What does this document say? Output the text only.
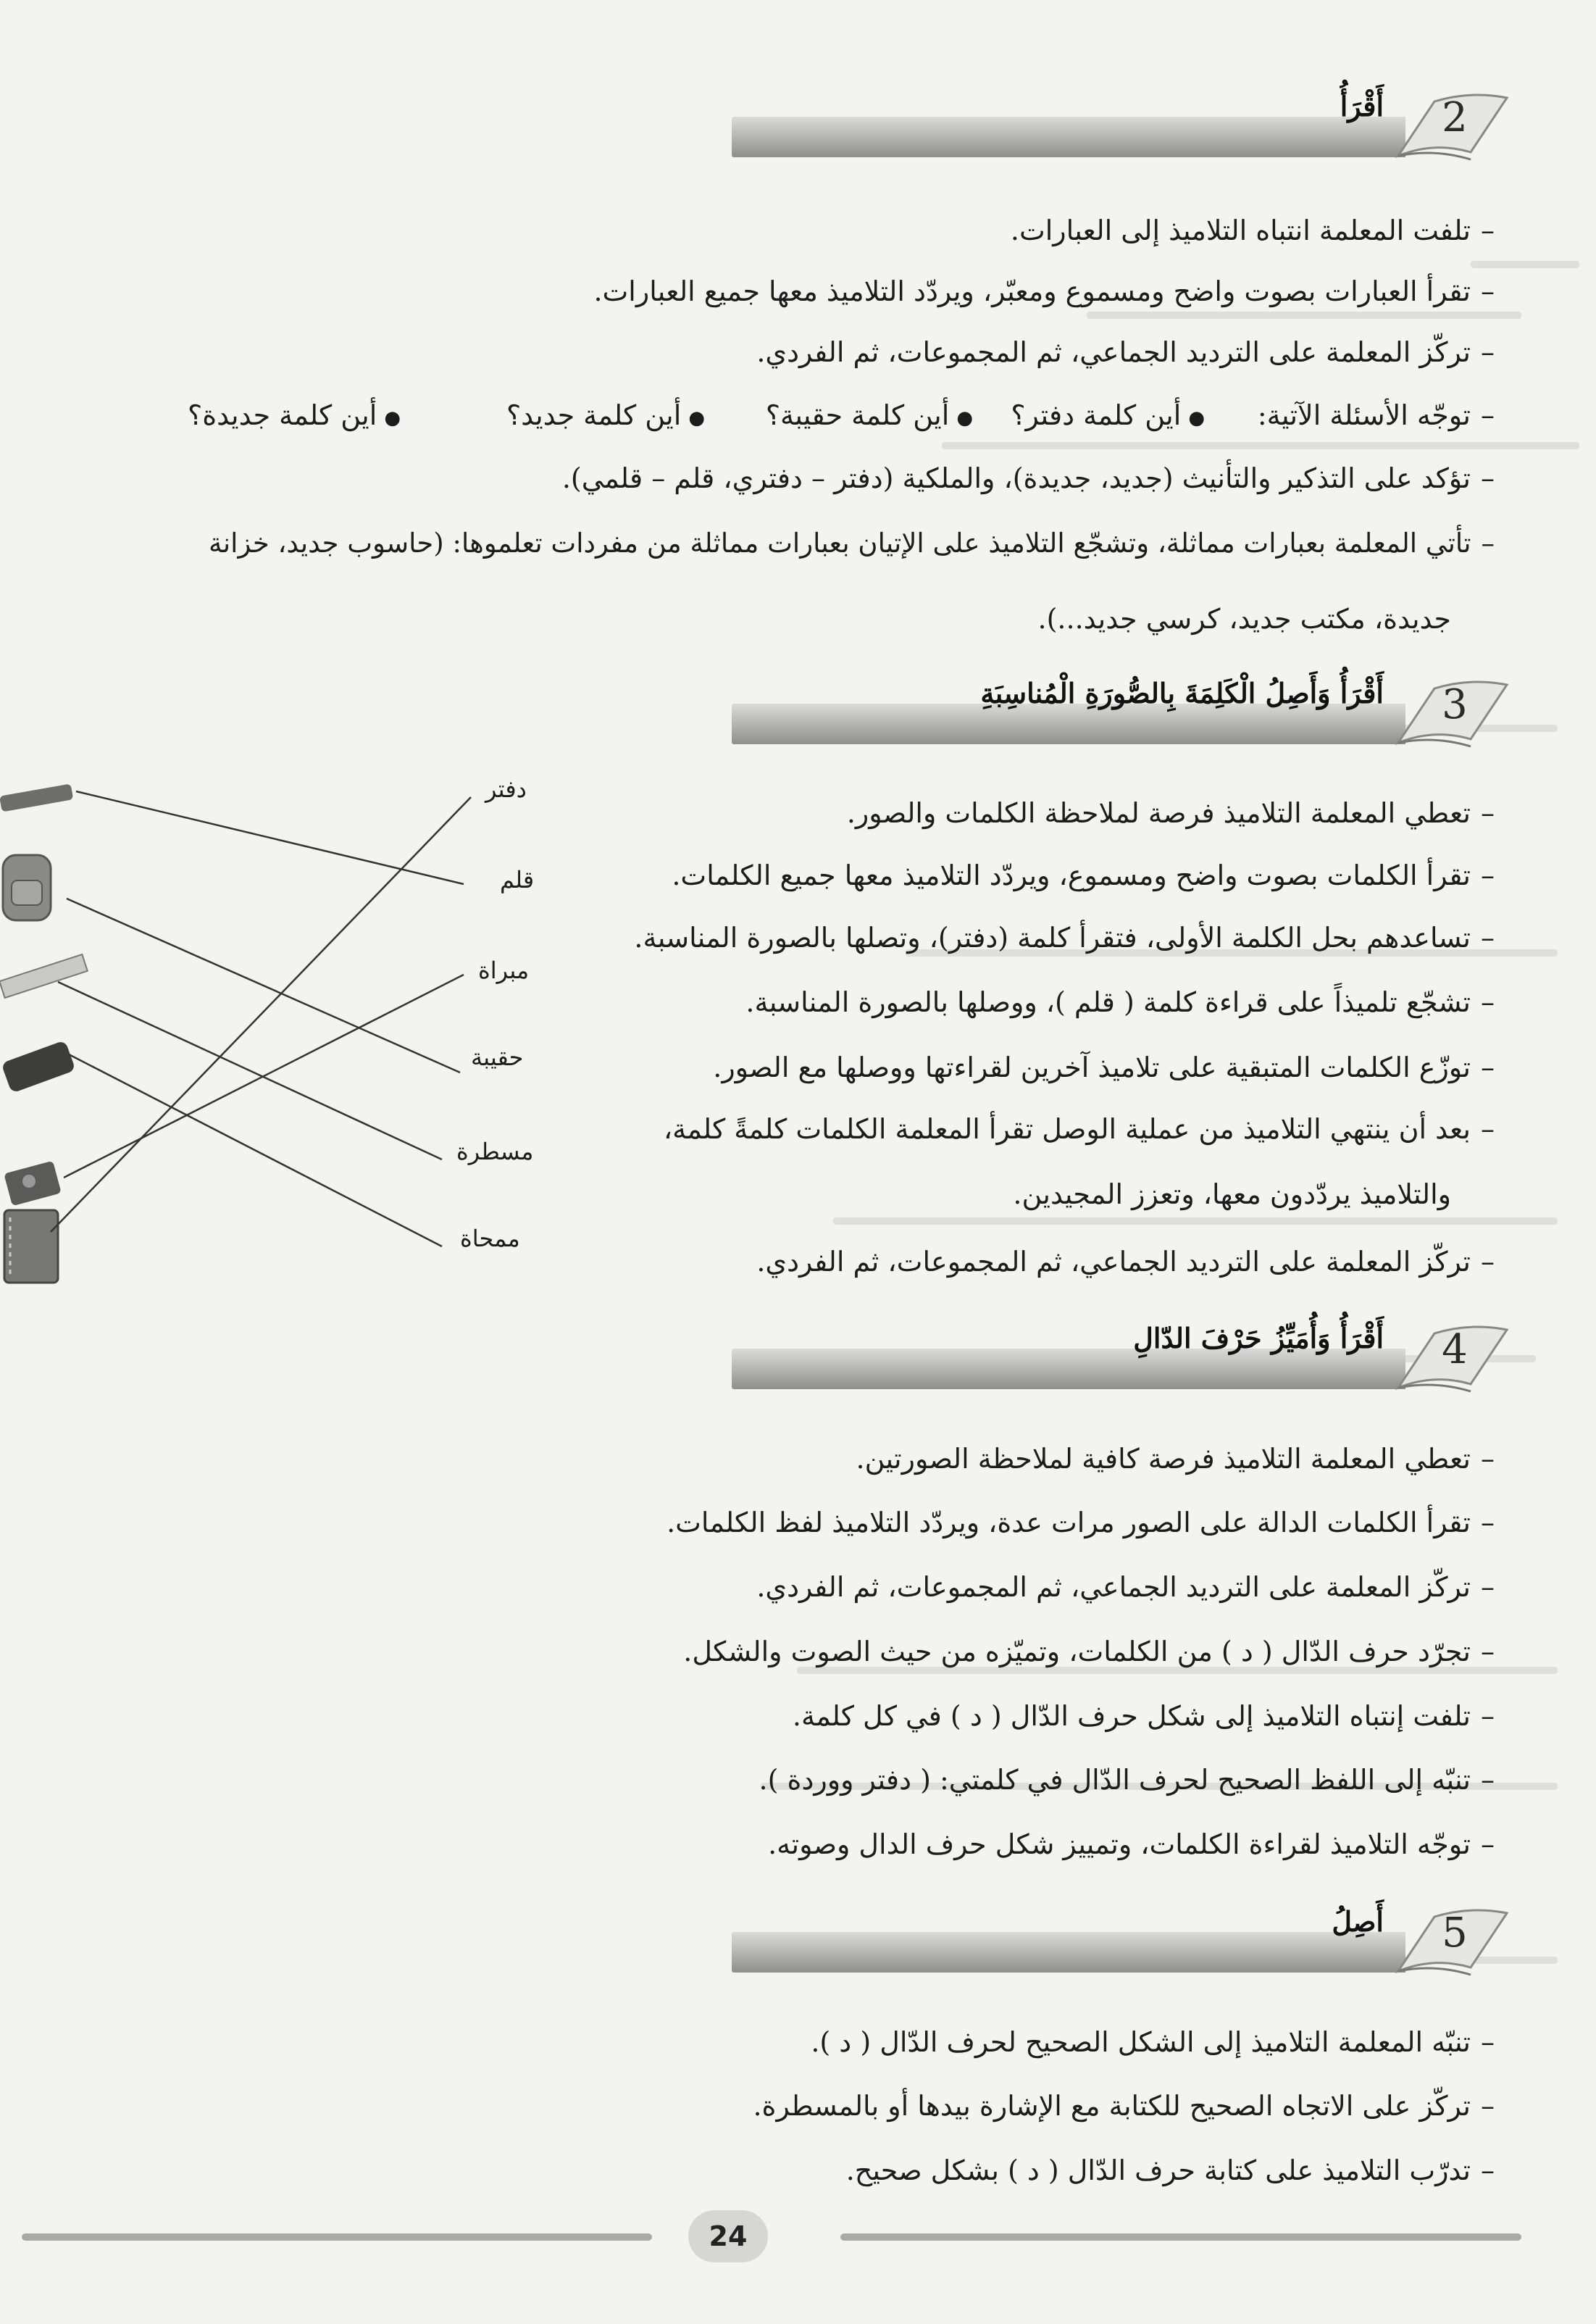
2
أَقْرَأُ
–تلفت المعلمة انتباه التلاميذ إلى العبارات.
–تقرأ العبارات بصوت واضح ومسموع ومعبّر، ويردّد التلاميذ معها جميع العبارات.
–تركّز المعلمة على الترديد الجماعي، ثم المجموعات، ثم الفردي.
–توجّه الأسئلة الآتية:
●أين كلمة دفتر؟
●أين كلمة حقيبة؟
●أين كلمة جديد؟
●أين كلمة جديدة؟
–تؤكد على التذكير والتأنيث (جديد، جديدة)، والملكية (دفتر – دفتري، قلم – قلمي).
–تأتي المعلمة بعبارات مماثلة، وتشجّع التلاميذ على الإتيان بعبارات مماثلة من مفردات تعلموها: (حاسوب جديد، خزانة
جديدة، مكتب جديد، كرسي جديد...).
3
أَقْرَأُ وَأَصِلُ الْكَلِمَةَ بِالصُّورَةِ الْمُناسِبَةِ
–تعطي المعلمة التلاميذ فرصة لملاحظة الكلمات والصور.
–تقرأ الكلمات بصوت واضح ومسموع، ويردّد التلاميذ معها جميع الكلمات.
–تساعدهم بحل الكلمة الأولى، فتقرأ كلمة (دفتر)، وتصلها بالصورة المناسبة.
–تشجّع تلميذاً على قراءة كلمة ( قلم )، ووصلها بالصورة المناسبة.
–توزّع الكلمات المتبقية على تلاميذ آخرين لقراءتها ووصلها مع الصور.
–بعد أن ينتهي التلاميذ من عملية الوصل تقرأ المعلمة الكلمات كلمةً كلمة،
والتلاميذ يردّدون معها، وتعزز المجيدين.
–تركّز المعلمة على الترديد الجماعي، ثم المجموعات، ثم الفردي.
دفتر
قلم
مبراة
حقيبة
مسطرة
ممحاة
4
أَقْرَأُ وَأُمَيِّزُ حَرْفَ الدّالِ
–تعطي المعلمة التلاميذ فرصة كافية لملاحظة الصورتين.
–تقرأ الكلمات الدالة على الصور مرات عدة، ويردّد التلاميذ لفظ الكلمات.
–تركّز المعلمة على الترديد الجماعي، ثم المجموعات، ثم الفردي.
–تجرّد حرف الدّال ( د ) من الكلمات، وتميّزه من حيث الصوت والشكل.
–تلفت إنتباه التلاميذ إلى شكل حرف الدّال ( د ) في كل كلمة.
–تنبّه إلى اللفظ الصحيح لحرف الدّال في كلمتي: ( دفتر ووردة ).
–توجّه التلاميذ لقراءة الكلمات، وتمييز شكل حرف الدال وصوته.
5
أَصِلُ
–تنبّه المعلمة التلاميذ إلى الشكل الصحيح لحرف الدّال ( د ).
–تركّز على الاتجاه الصحيح للكتابة مع الإشارة بيدها أو بالمسطرة.
–تدرّب التلاميذ على كتابة حرف الدّال ( د ) بشكل صحيح.
24
